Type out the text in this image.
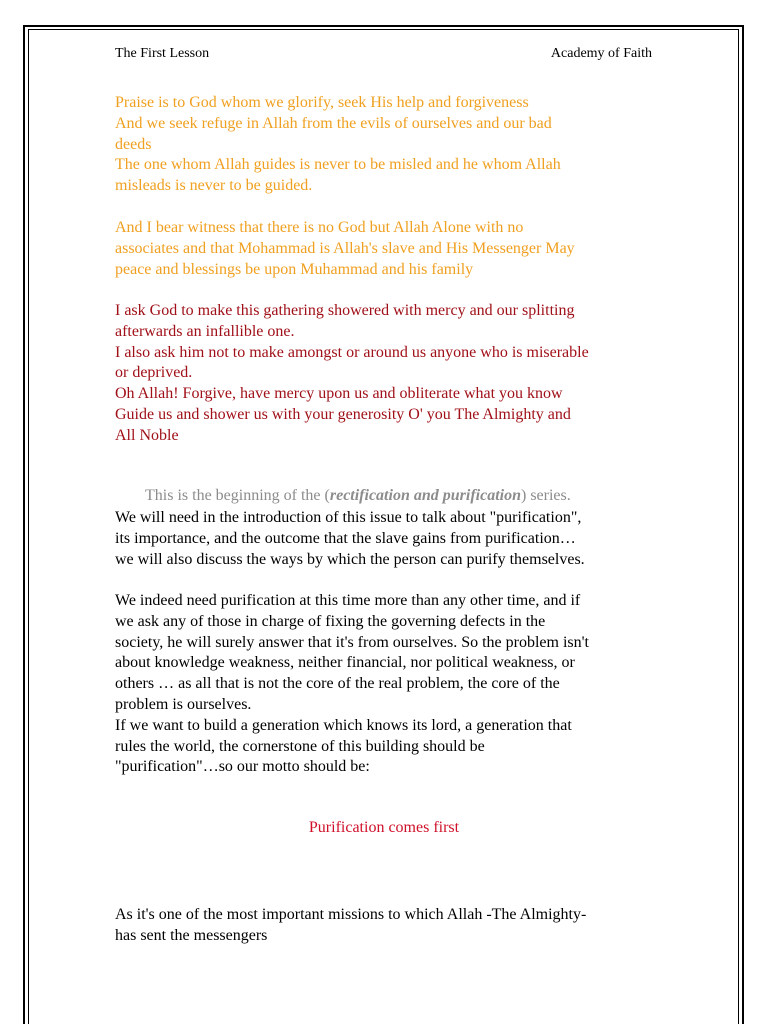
The First Lesson	Academy of Faith
Praise is to God whom we glorify, seek His help and forgiveness
And we seek refuge in Allah from the evils of ourselves and our bad
deeds
The one whom Allah guides is never to be misled and he whom Allah
misleads is never to be guided.
And I bear witness that there is no God but Allah Alone with no
associates and that Mohammad is Allah's slave and His Messenger May
peace and blessings be upon Muhammad and his family
I ask God to make this gathering showered with mercy and our splitting
afterwards an infallible one.
I also ask him not to make amongst or around us anyone who is miserable
or deprived.
Oh Allah! Forgive, have mercy upon us and obliterate what you know
Guide us and shower us with your generosity O' you The Almighty and
All Noble
This is the beginning of the (rectification and purification) series.
We will need in the introduction of this issue to talk about "purification",
its importance, and the outcome that the slave gains from purification…
we will also discuss the ways by which the person can purify themselves.
We indeed need purification at this time more than any other time, and if
we ask any of those in charge of fixing the governing defects in the
society, he will surely answer that it's from ourselves. So the problem isn't
about knowledge weakness, neither financial, nor political weakness, or
others … as all that is not the core of the real problem, the core of the
problem is ourselves.
If we want to build a generation which knows its lord, a generation that
rules the world, the cornerstone of this building should be
"purification"…so our motto should be:
Purification comes first
As it's one of the most important missions to which Allah -The Almighty-
has sent the messengers
